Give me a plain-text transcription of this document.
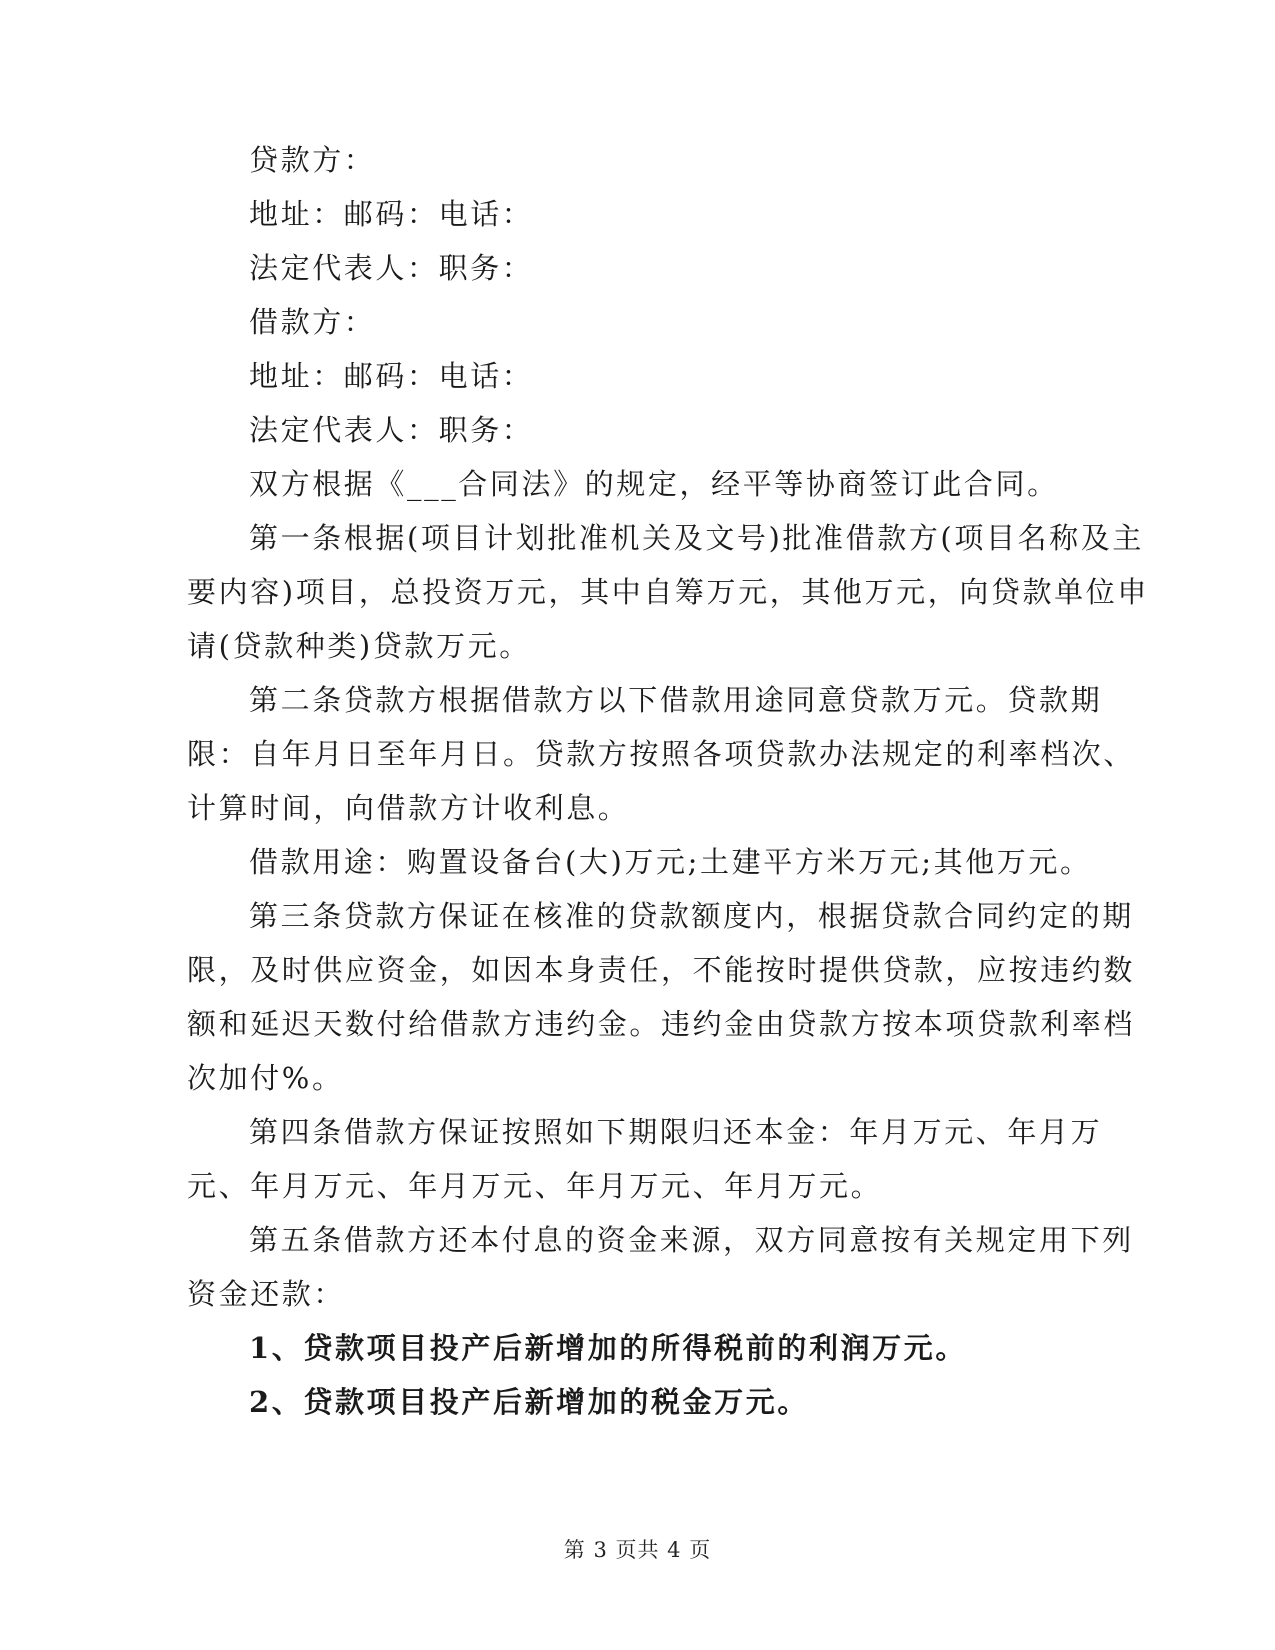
贷款方：
地址：邮码：电话：
法定代表人：职务：
借款方：
地址：邮码：电话：
法定代表人：职务：
双方根据《___合同法》的规定，经平等协商签订此合同。
第一条根据(项目计划批准机关及文号)批准借款方(项目名称及主
要内容)项目，总投资万元，其中自筹万元，其他万元，向贷款单位申
请(贷款种类)贷款万元。
第二条贷款方根据借款方以下借款用途同意贷款万元。贷款期
限：自年月日至年月日。贷款方按照各项贷款办法规定的利率档次、
计算时间，向借款方计收利息。
借款用途：购置设备台(大)万元;土建平方米万元;其他万元。
第三条贷款方保证在核准的贷款额度内，根据贷款合同约定的期
限，及时供应资金，如因本身责任，不能按时提供贷款，应按违约数
额和延迟天数付给借款方违约金。违约金由贷款方按本项贷款利率档
次加付%。
第四条借款方保证按照如下期限归还本金：年月万元、年月万
元、年月万元、年月万元、年月万元、年月万元。
第五条借款方还本付息的资金来源，双方同意按有关规定用下列
资金还款：
1、贷款项目投产后新增加的所得税前的利润万元。
2、贷款项目投产后新增加的税金万元。
第 3 页共 4 页
